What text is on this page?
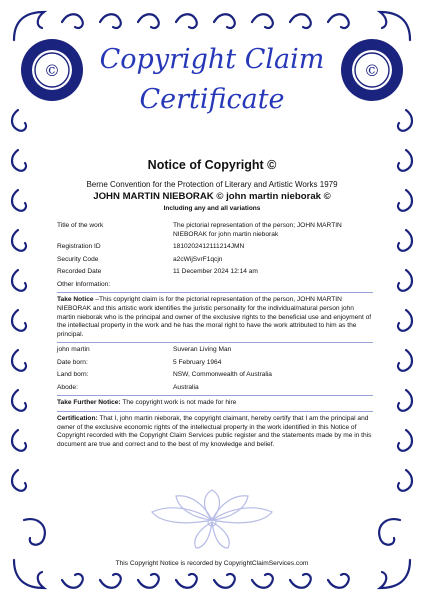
©	©
Copyright Claim
Certificate
Notice of Copyright ©
Berne Convention for the Protection of Literary and Artistic Works 1979
JOHN MARTIN NIEBORAK © john martin nieborak ©
Including any and all variations
Title of the work	The pictorial representation of the person; JOHN MARTIN NIEBORAK for john martin nieborak
Registration ID	1810202412111214JMN
Security Code	a2cWijSvrF1qcjn
Recorded Date	11 December 2024 12:14 am
Other Information:
Take Notice –This copyright claim is for the pictorial representation of the person, JOHN MARTIN NIEBORAK and this artistic work identifies the juristic personality for the individual/natural person john martin nieborak who is the principal and owner of the exclusive rights to the beneficial use and enjoyment of the intellectual property in the work and he has the moral right to have the work attributed to him as the principal.
john martin	Suveran Living Man
Date born:	5 February 1964
Land born:	NSW, Commonwealth of Australia
Abode:	Australia
Take Further Notice: The copyright work is not made for hire
Certification: That I, john martin nieborak, the copyright claimant, hereby certify that I am the principal and owner of the exclusive economic rights of the intellectual property in the work identified in this Notice of Copyright recorded with the Copyright Claim Services public register and the statements made by me in this document are true and correct and to the best of my knowledge and belief.
This Copyright Notice is recorded by CopyrightClaimServices.com
